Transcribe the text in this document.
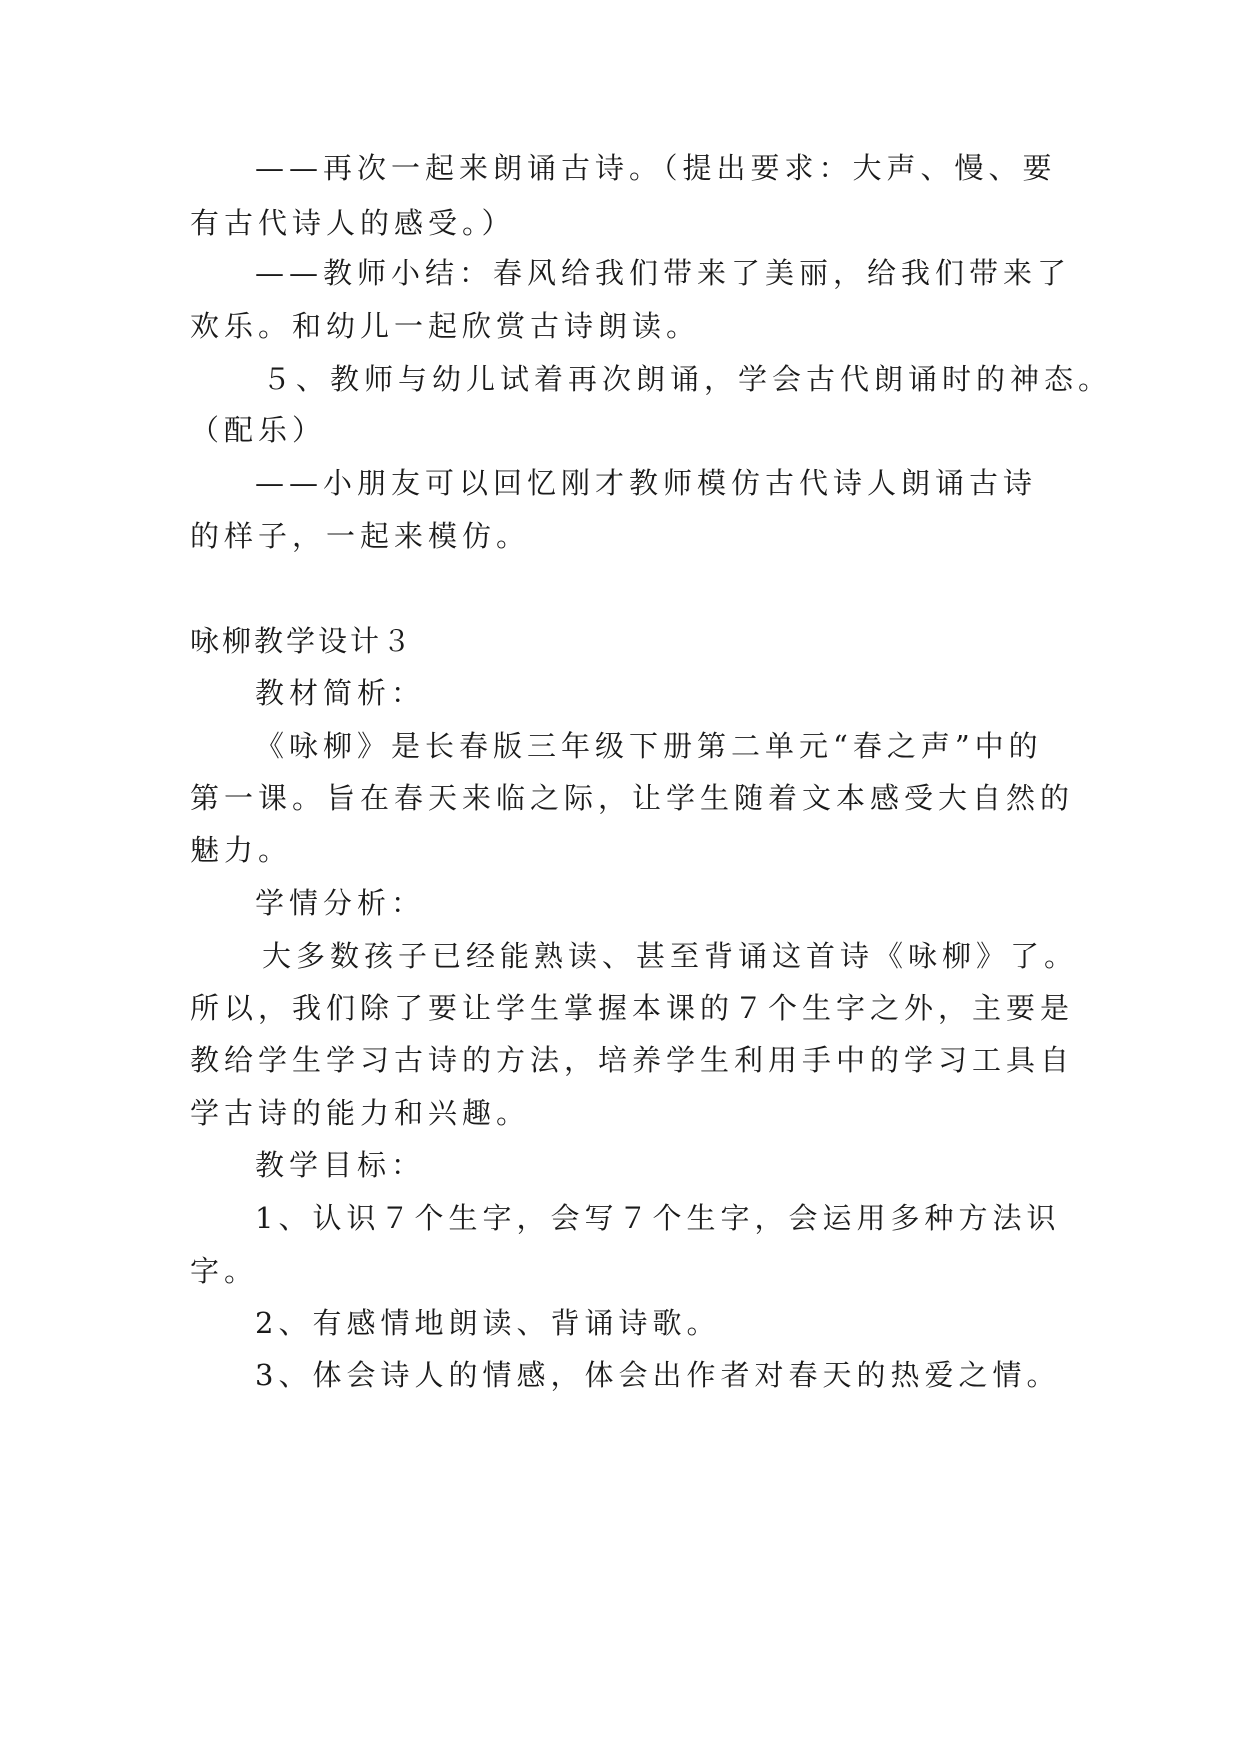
——再次一起来朗诵古诗。（提出要求：大声、慢、要
有古代诗人的感受。）
——教师小结：春风给我们带来了美丽，给我们带来了
欢乐。和幼儿一起欣赏古诗朗读。
５、教师与幼儿试着再次朗诵，学会古代朗诵时的神态。
（配乐）
——小朋友可以回忆刚才教师模仿古代诗人朗诵古诗
的样子，一起来模仿。
咏柳教学设计３
教材简析：
《咏柳》是长春版三年级下册第二单元“春之声”中的
第一课。旨在春天来临之际，让学生随着文本感受大自然的
魅力。
学情分析：
大多数孩子已经能熟读、甚至背诵这首诗《咏柳》了。
所以，我们除了要让学生掌握本课的７个生字之外，主要是
教给学生学习古诗的方法，培养学生利用手中的学习工具自
学古诗的能力和兴趣。
教学目标：
1、认识７个生字，会写７个生字，会运用多种方法识
字。
2、有感情地朗读、背诵诗歌。
3、体会诗人的情感，体会出作者对春天的热爱之情。
